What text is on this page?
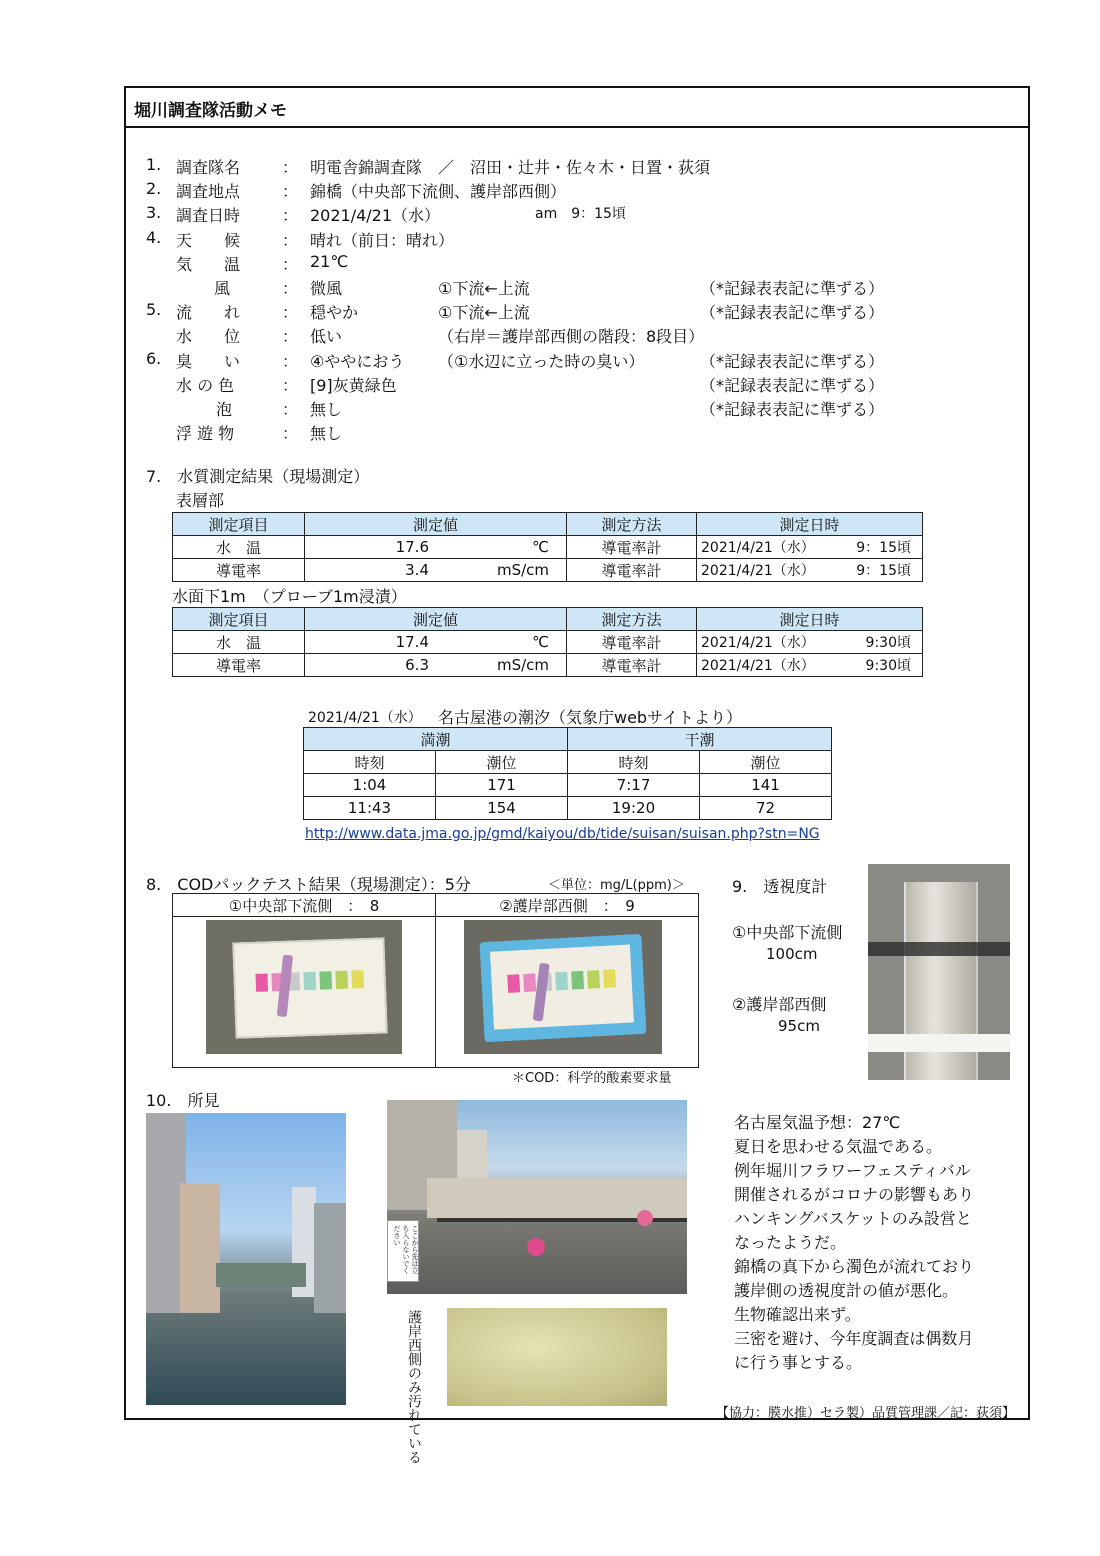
堀川調査隊活動メモ
1. 調査隊名	： 明電舎錦調査隊　／　沼田・辻井・佐々木・日置・荻須
2. 調査地点	： 錦橋（中央部下流側、護岸部西側）
3. 調査日時	： 2021/4/21（水）	am　9：15頃
4. 天　　候	： 晴れ（前日：晴れ）
気　　温	： 21℃
風	： 微風	①下流←上流	（*記録表表記に準ずる）
5. 流　　れ	： 穏やか	①下流←上流	（*記録表表記に準ずる）
水　　位	： 低い	（右岸＝護岸部西側の階段：8段目）
6. 臭　　い	： ④ややにおう （①水辺に立った時の臭い）	（*記録表表記に準ずる）
水 の 色	： [9]灰黄緑色	（*記録表表記に準ずる）
泡	： 無し	（*記録表表記に準ずる）
浮 遊 物	： 無し
7.　水質測定結果（現場測定）
表層部
測定項目	測定値	測定方法	測定日時
水　温	17.6 ℃	導電率計	2021/4/21（水） 9：15頃
導電率	3.4 mS/cm	導電率計	2021/4/21（水） 9：15頃
水面下1m　（プローブ1m浸漬）
測定項目	測定値	測定方法	測定日時
水　温	17.4 ℃	導電率計	2021/4/21（水） 9:30頃
導電率	6.3 mS/cm	導電率計	2021/4/21（水） 9:30頃
2021/4/21（水） 名古屋港の潮汐（気象庁webサイトより）
満潮		干潮	
時刻	潮位	時刻	潮位
1:04	171	7:17	141
11:43	154	19:20	72
http://www.data.jma.go.jp/gmd/kaiyou/db/tide/suisan/suisan.php?stn=NG
8.　CODパックテスト結果（現場測定）：5分	＜単位：mg/L(ppm)＞
①中央部下流側　：　8	②護岸部西側　：　9

＊COD：科学的酸素要求量
9.　透視度計
①中央部下流側
100cm
②護岸部西側
95cm
10.　所見
ここから先は立ち入らないでください
護岸西側のみ汚れている
名古屋気温予想：27℃
夏日を思わせる気温である。
例年堀川フラワーフェスティバル
開催されるがコロナの影響もあり
ハンキングバスケットのみ設営と
なったようだ。
錦橋の真下から濁色が流れており
護岸側の透視度計の値が悪化。
生物確認出来ず。
三密を避け、今年度調査は偶数月
に行う事とする。
【協力：膜水推）セラ製）品質管理課／記：荻須】
